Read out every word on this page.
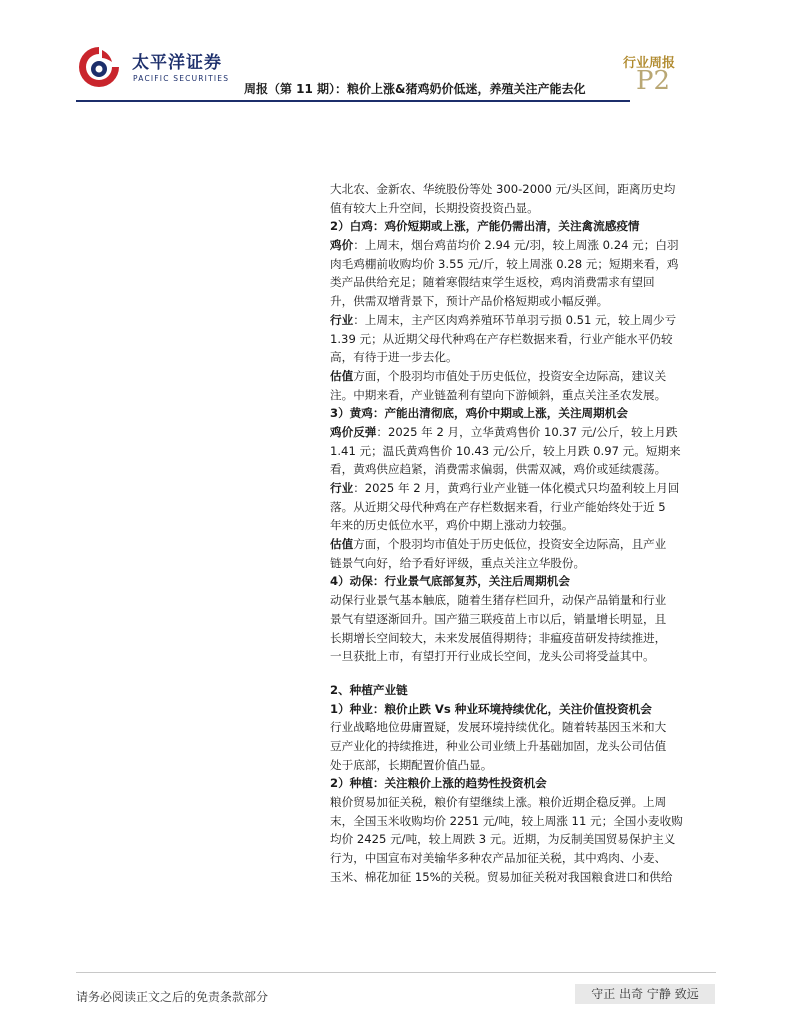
太平洋证券
PACIFIC SECURITIES
行业周报
P2
周报（第 11 期）：粮价上涨&猪鸡奶价低迷，养殖关注产能去化
大北农、金新农、华统股份等处 300-2000 元/头区间，距离历史均
值有较大上升空间，长期投资投资凸显。
2）白鸡：鸡价短期或上涨，产能仍需出清，关注禽流感疫情
鸡价：上周末，烟台鸡苗均价 2.94 元/羽，较上周涨 0.24 元；白羽
肉毛鸡棚前收购均价 3.55 元/斤，较上周涨 0.28 元；短期来看，鸡
类产品供给充足；随着寒假结束学生返校，鸡肉消费需求有望回
升，供需双增背景下，预计产品价格短期或小幅反弹。
行业：上周末，主产区肉鸡养殖环节单羽亏损 0.51 元，较上周少亏
1.39 元；从近期父母代种鸡在产存栏数据来看，行业产能水平仍较
高，有待于进一步去化。
估值方面，个股羽均市值处于历史低位，投资安全边际高，建议关
注。中期来看，产业链盈利有望向下游倾斜，重点关注圣农发展。
3）黄鸡：产能出清彻底，鸡价中期或上涨，关注周期机会
鸡价反弹：2025 年 2 月，立华黄鸡售价 10.37 元/公斤，较上月跌
1.41 元；温氏黄鸡售价 10.43 元/公斤，较上月跌 0.97 元。短期来
看，黄鸡供应趋紧，消费需求偏弱，供需双减，鸡价或延续震荡。
行业：2025 年 2 月，黄鸡行业产业链一体化模式只均盈利较上月回
落。从近期父母代种鸡在产存栏数据来看，行业产能始终处于近 5
年来的历史低位水平，鸡价中期上涨动力较强。
估值方面，个股羽均市值处于历史低位，投资安全边际高，且产业
链景气向好，给予看好评级，重点关注立华股份。
4）动保：行业景气底部复苏，关注后周期机会
动保行业景气基本触底，随着生猪存栏回升，动保产品销量和行业
景气有望逐渐回升。国产猫三联疫苗上市以后，销量增长明显，且
长期增长空间较大，未来发展值得期待；非瘟疫苗研发持续推进，
一旦获批上市，有望打开行业成长空间，龙头公司将受益其中。
2、种植产业链
1）种业：粮价止跌 Vs 种业环境持续优化，关注价值投资机会
行业战略地位毋庸置疑，发展环境持续优化。随着转基因玉米和大
豆产业化的持续推进，种业公司业绩上升基础加固，龙头公司估值
处于底部，长期配置价值凸显。
2）种植：关注粮价上涨的趋势性投资机会
粮价贸易加征关税，粮价有望继续上涨。粮价近期企稳反弹。上周
末，全国玉米收购均价 2251 元/吨，较上周涨 11 元；全国小麦收购
均价 2425 元/吨，较上周跌 3 元。近期，为反制美国贸易保护主义
行为，中国宣布对美输华多种农产品加征关税，其中鸡肉、小麦、
玉米、棉花加征 15%的关税。贸易加征关税对我国粮食进口和供给
请务必阅读正文之后的免责条款部分	守正 出奇 宁静 致远
